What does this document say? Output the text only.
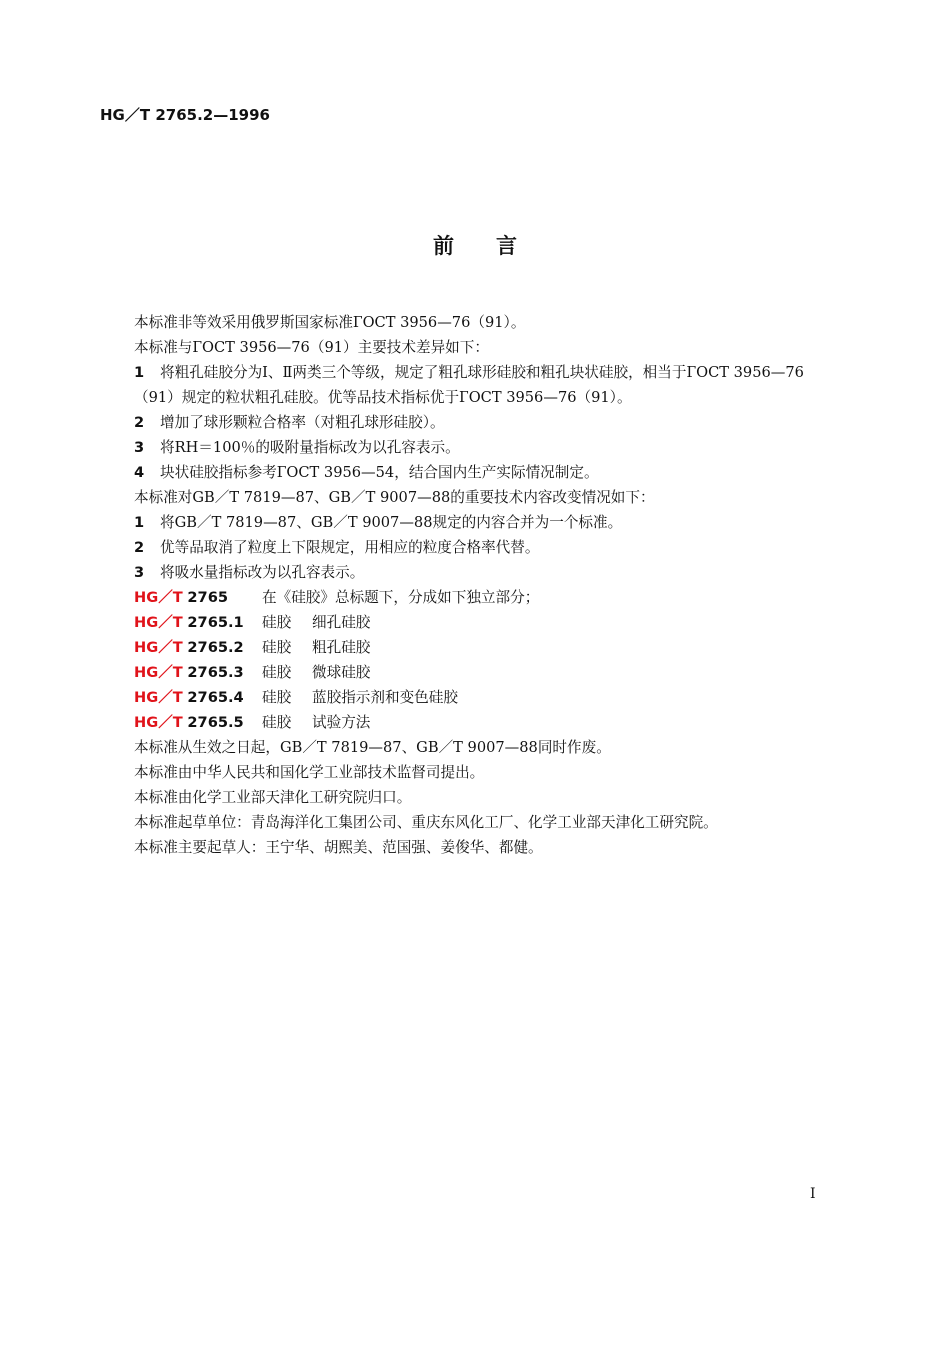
HG／T 2765.2—1996
前　　言
本标准非等效采用俄罗斯国家标准ГОСТ 3956—76（91）。
本标准与ГОСТ 3956—76（91）主要技术差异如下：
1 将粗孔硅胶分为Ⅰ、Ⅱ两类三个等级，规定了粗孔球形硅胶和粗孔块状硅胶，相当于ГОСТ 3956—76（91）规定的粒状粗孔硅胶。优等品技术指标优于ГОСТ 3956—76（91）。
2 增加了球形颗粒合格率（对粗孔球形硅胶）。
3 将RH＝100％的吸附量指标改为以孔容表示。
4 块状硅胶指标参考ГОСТ 3956—54，结合国内生产实际情况制定。
本标准对GB／T 7819—87、GB／T 9007—88的重要技术内容改变情况如下：
1 将GB／T 7819—87、GB／T 9007—88规定的内容合并为一个标准。
2 优等品取消了粒度上下限规定，用相应的粒度合格率代替。
3 将吸水量指标改为以孔容表示。
HG／T 2765 在《硅胶》总标题下，分成如下独立部分；
HG／T 2765.1 硅胶 细孔硅胶
HG／T 2765.2 硅胶 粗孔硅胶
HG／T 2765.3 硅胶 微球硅胶
HG／T 2765.4 硅胶 蓝胶指示剂和变色硅胶
HG／T 2765.5 硅胶 试验方法
本标准从生效之日起，GB／T 7819—87、GB／T 9007—88同时作废。
本标准由中华人民共和国化学工业部技术监督司提出。
本标准由化学工业部天津化工研究院归口。
本标准起草单位：青岛海洋化工集团公司、重庆东风化工厂、化学工业部天津化工研究院。
本标准主要起草人：王宁华、胡熙美、范国强、姜俊华、都健。
I
